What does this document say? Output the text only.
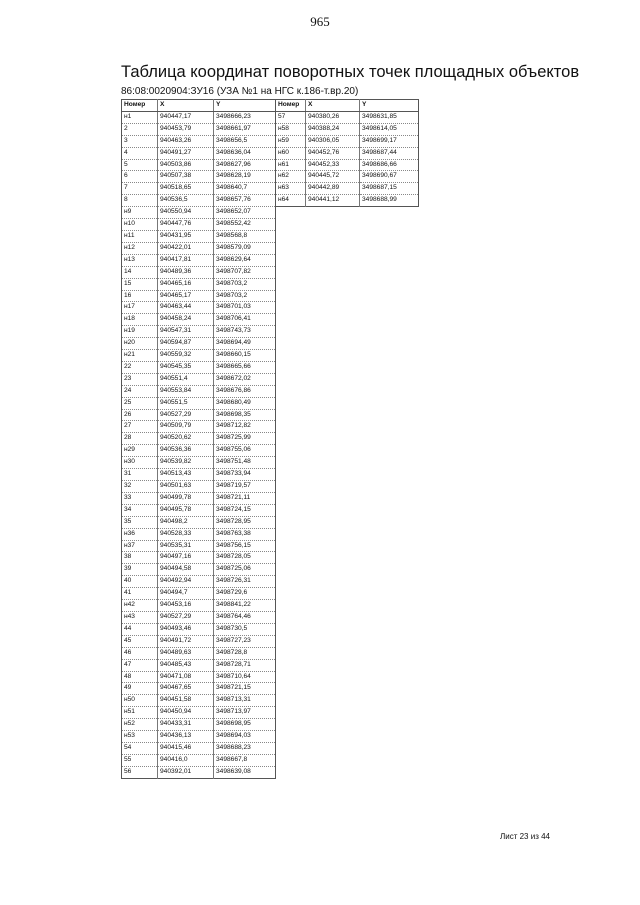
965
Таблица координат поворотных точек площадных объектов
86:08:0020904:ЗУ16 (УЗА №1 на НГС к.186-т.вр.20)
Номер	X	Y
н1	940447,17	3498666,23
2	940453,79	3498661,97
3	940463,26	3498656,5
4	940491,27	3498636,04
5	940503,86	3498627,96
6	940507,38	3498628,19
7	940518,65	3498640,7
8	940536,5	3498657,76
н9	940550,94	3498652,07
н10	940447,76	3498552,42
н11	940431,95	3498568,8
н12	940422,01	3498579,09
н13	940417,81	3498629,64
14	940489,36	3498707,82
15	940465,16	3498703,2
16	940465,17	3498703,2
н17	940463,44	3498701,03
н18	940458,24	3498706,41
н19	940547,31	3498743,73
н20	940594,87	3498694,49
н21	940559,32	3498660,15
22	940545,35	3498665,66
23	940551,4	3498672,02
24	940553,84	3498676,86
25	940551,5	3498680,49
26	940527,29	3498698,35
27	940509,79	3498712,82
28	940520,62	3498725,99
н29	940536,36	3498755,06
н30	940539,82	3498751,48
31	940513,43	3498733,94
32	940501,63	3498719,57
33	940499,78	3498721,11
34	940495,78	3498724,15
35	940498,2	3498728,95
н36	940528,33	3498763,38
н37	940535,31	3498756,15
38	940497,16	3498728,05
39	940494,58	3498725,06
40	940492,94	3498726,31
41	940494,7	3498729,6
н42	940453,16	3498841,22
н43	940527,29	3498764,46
44	940493,46	3498730,5
45	940491,72	3498727,23
46	940489,63	3498728,8
47	940485,43	3498728,71
48	940471,08	3498710,64
49	940467,65	3498721,15
н50	940451,58	3498713,31
н51	940450,94	3498713,97
н52	940433,31	3498698,95
н53	940436,13	3498694,03
54	940415,46	3498688,23
55	940416,0	3498667,8
56	940392,01	3498639,08
Номер	X	Y
57	940380,26	3498631,85
н58	940388,24	3498614,05
н59	940306,05	3498699,17
н60	940452,76	3498687,44
н61	940452,33	3498686,66
н62	940445,72	3498690,67
н63	940442,89	3498687,15
н64	940441,12	3498688,99
Лист 23 из 44
